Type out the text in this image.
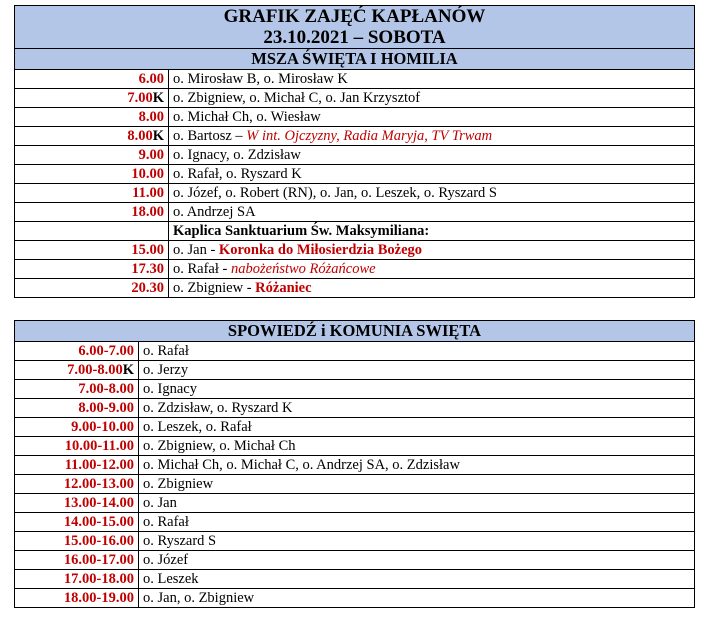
GRAFIK ZAJĘĆ KAPŁANÓW	
23.10.2021 – SOBOTA	
MSZA ŚWIĘTA I HOMILIA	
6.00	o. Mirosław B, o. Mirosław K
7.00K	o. Zbigniew, o. Michał C, o. Jan Krzysztof
8.00	o. Michał Ch, o. Wiesław
8.00K	o. Bartosz – W int. Ojczyzny, Radia Maryja, TV Trwam
9.00	o. Ignacy, o. Zdzisław
10.00	o. Rafał, o. Ryszard K
11.00	o. Józef, o. Robert (RN), o. Jan, o. Leszek, o. Ryszard S
18.00	o. Andrzej SA
	Kaplica Sanktuarium Św. Maksymiliana:
15.00	o. Jan - Koronka do Miłosierdzia Bożego
17.30	o. Rafał - nabożeństwo Różańcowe
20.30	o. Zbigniew - Różaniec
SPOWIEDŹ i KOMUNIA SWIĘTA	
6.00-7.00	o. Rafał
7.00-8.00K	o. Jerzy
7.00-8.00	o. Ignacy
8.00-9.00	o. Zdzisław, o. Ryszard K
9.00-10.00	o. Leszek, o. Rafał
10.00-11.00	o. Zbigniew, o. Michał Ch
11.00-12.00	o. Michał Ch, o. Michał C, o. Andrzej SA, o. Zdzisław
12.00-13.00	o. Zbigniew
13.00-14.00	o. Jan
14.00-15.00	o. Rafał
15.00-16.00	o. Ryszard S
16.00-17.00	o. Józef
17.00-18.00	o. Leszek
18.00-19.00	o. Jan, o. Zbigniew
